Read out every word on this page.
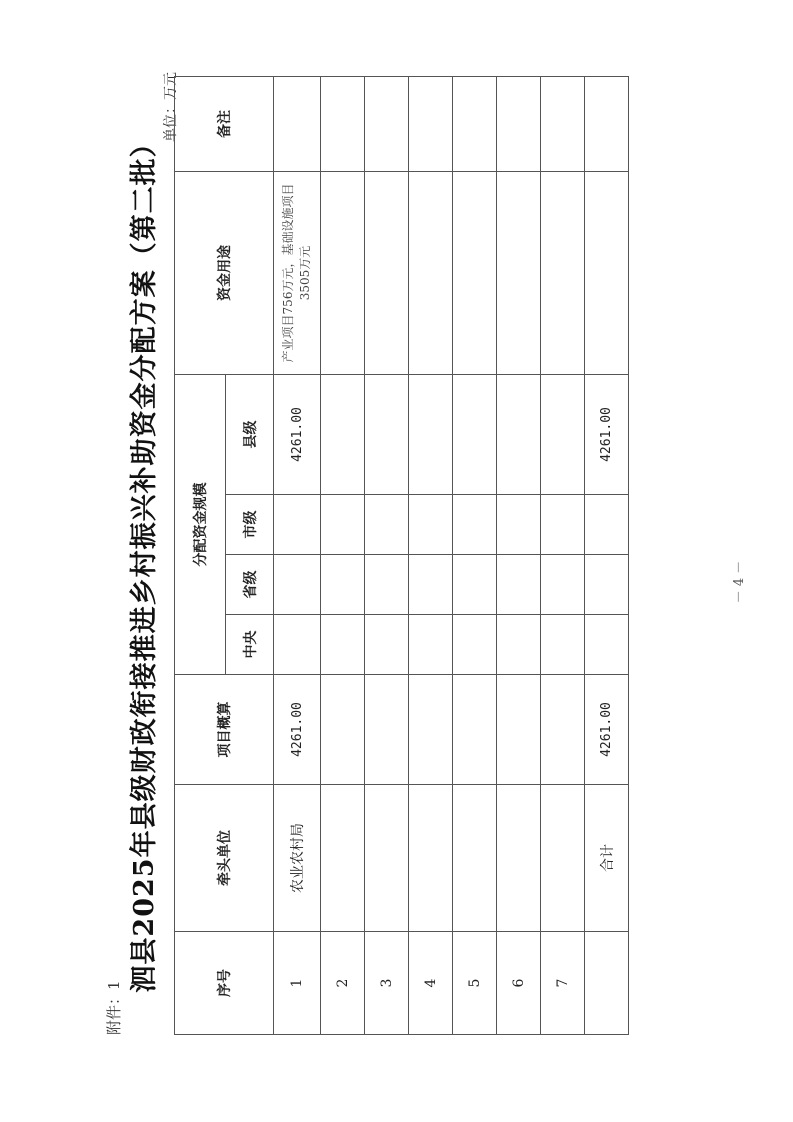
附件：1
泗县2025年县级财政衔接推进乡村振兴补助资金分配方案（第二批）
单位：万元
序号	牵头单位	项目概算	分配资金规模				资金用途	备注
			中央	省级	市级	县级		
1	农业农村局	4261.00				4261.00	产业项目756万元，基础设施项目3505万元	
2								
3								
4								
5								
6								
7								
	合计	4261.00				4261.00		
－ 4 －
